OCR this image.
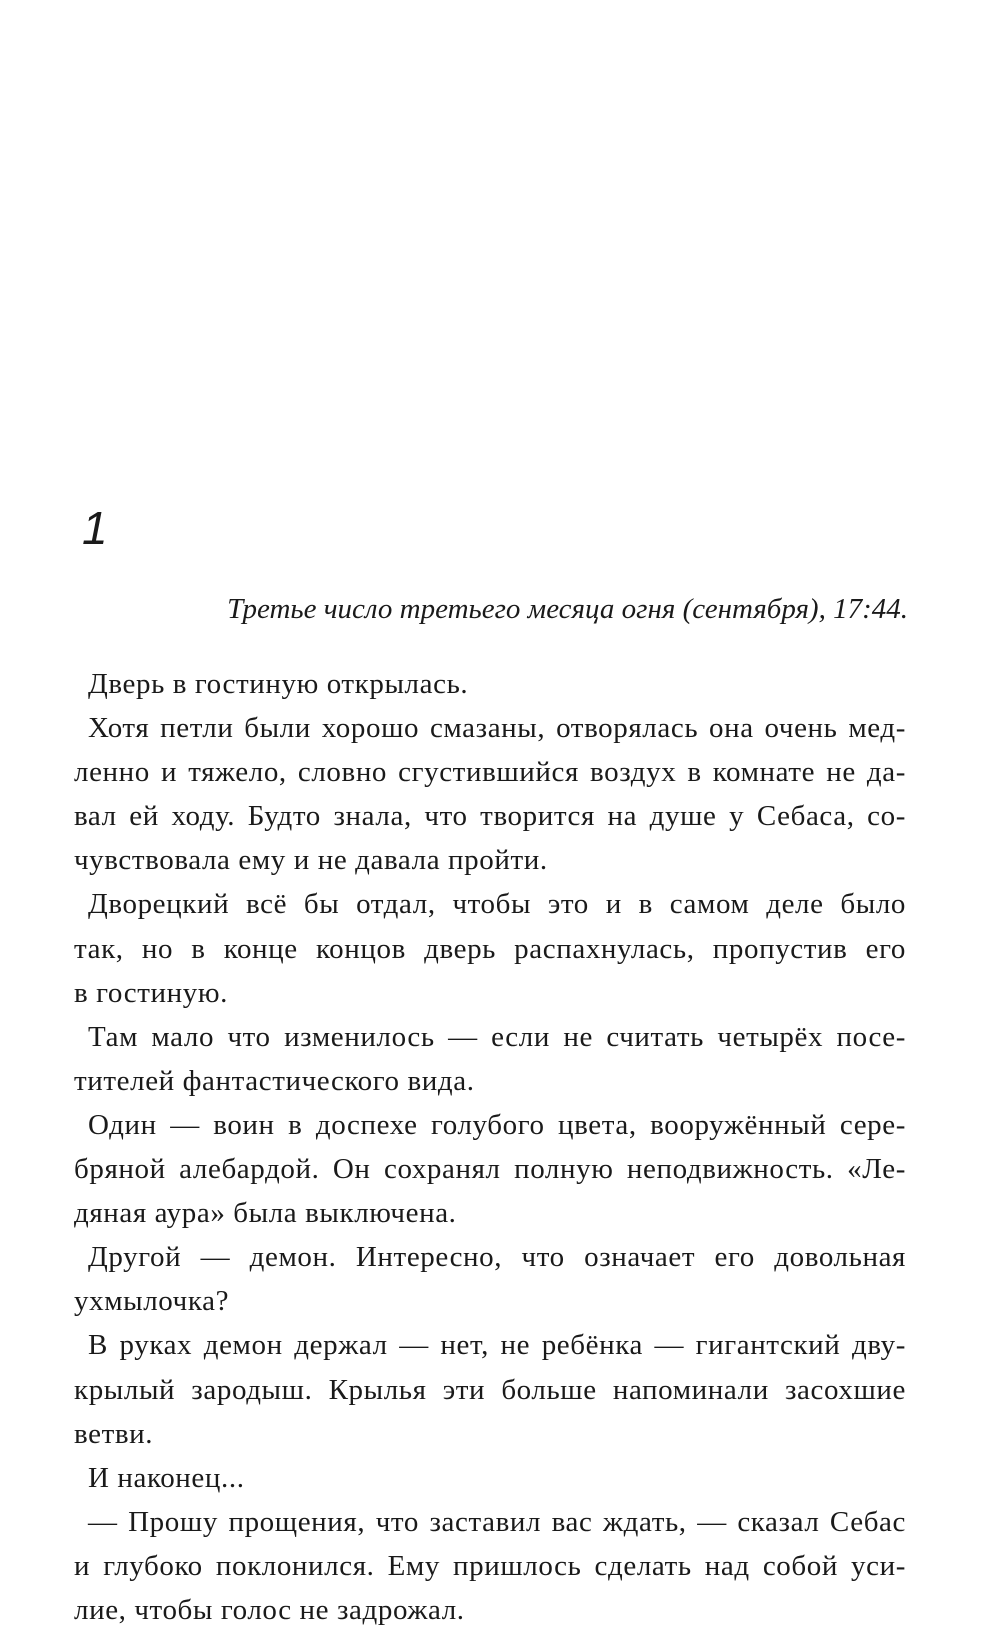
1
Третье число третьего месяца огня (сентября), 17:44.
Дверь в гостиную открылась.
Хотя петли были хорошо смазаны, отворялась она очень мед-
ленно и тяжело, словно сгустившийся воздух в комнате не да-
вал ей ходу. Будто знала, что творится на душе у Себаса, со-
чувствовала ему и не давала пройти.
Дворецкий всё бы отдал, чтобы это и в самом деле было
так, но в конце концов дверь распахнулась, пропустив его
в гостиную.
Там мало что изменилось — если не считать четырёх посе-
тителей фантастического вида.
Один — воин в доспехе голубого цвета, вооружённый сере-
бряной алебардой. Он сохранял полную неподвижность. «Ле-
дяная аура» была выключена.
Другой — демон. Интересно, что означает его довольная
ухмылочка?
В руках демон держал — нет, не ребёнка — гигантский дву-
крылый зародыш. Крылья эти больше напоминали засохшие
ветви.
И наконец...
— Прошу прощения, что заставил вас ждать, — сказал Себас
и глубоко поклонился. Ему пришлось сделать над собой уси-
лие, чтобы голос не задрожал.
